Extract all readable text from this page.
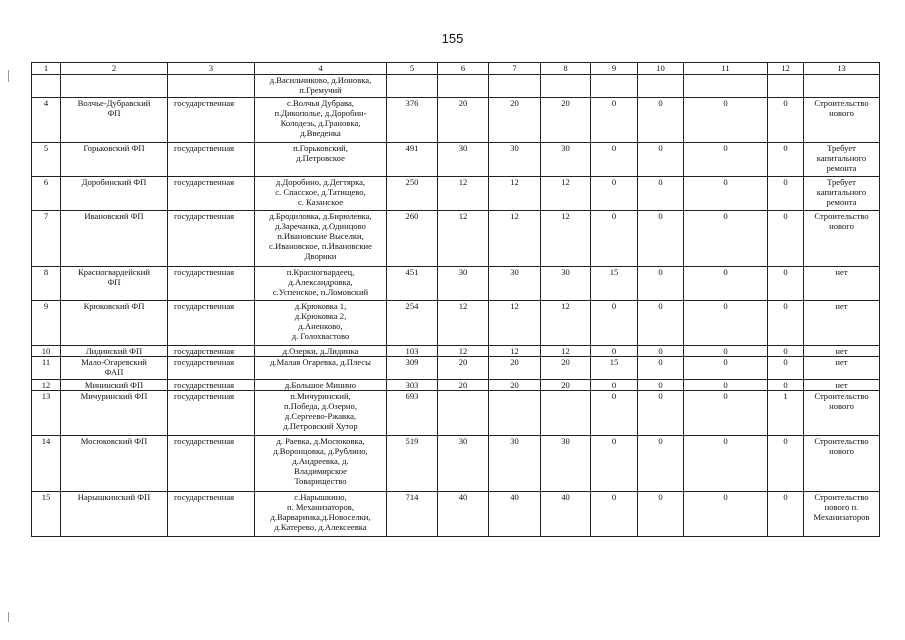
155
1	2	3	4	5	6	7	8	9	10	11	12	13
			д.Васильчиково, д.Ионовка,
п.Гремучий									
4	Волчье-Дубравский
ФП	государственная	с.Волчья Дубрава,
п.Дикополье, д.Доробин-
Колодезь, д.Грановка,
д.Введенка	376	20	20	20	0	0	0	0	Строительство
нового
5	Горьковский ФП	государственная	п.Горьковский,
д.Петровское	491	30	30	30	0	0	0	0	Требует
капитального
ремонта
6	Доробинский ФП	государственная	д.Доробино, д.Дегтярка,
с. Спасское, д.Татищево,
с. Казанское	250	12	12	12	0	0	0	0	Требует
капитального
ремонта
7	Ивановский ФП	государственная	д.Бродиловка, д.Бирюлевка,
д.Заречанка, д.Одинцово
п.Ивановские Выселки,
с.Ивановское, п.Ивановские
Дворики	260	12	12	12	0	0	0	0	Строительство
нового
8	Красногвардейский
ФП	государственная	п.Красногвардеец,
д.Александровка,
с.Успенское, п.Ломовский	451	30	30	30	15	0	0	0	нет
9	Крюковский ФП	государственная	д.Крюковка 1,
д.Крюковка 2,
д.Аненково,
д. Голохвастово	254	12	12	12	0	0	0	0	нет
10	Лидинский ФП	государственная	д.Озерки, д.Лидинка	103	12	12	12	0	0	0	0	нет
11	Мало-Огаревский
ФАП	государственная	д.Малая Огаревка, д.Плесы	309	20	20	20	15	0	0	0	нет
12	Мининский ФП	государственная	д.Большое Минино	303	20	20	20	0	0	0	0	нет
13	Мичуринский ФП	государственная	п.Мичуринский,
п.Победа, д.Озерно,
д.Сергеево-Ржавка,
д.Петровский Хутор	693				0	0	0	1	Строительство
нового
14	Мосюковский ФП	государственная	д. Раевка, д.Мосюковка,
д.Воронцовка, д.Рублино,
д.Андреевка, д.
Владимирское
Товарищество	519	30	30	30	0	0	0	0	Строительство
нового
15	Нарышкинский ФП	государственная	с.Нарышкино,
п. Механизаторов,
д.Варваринка,д.Новоселки,
д.Катерево, д.Алексеевка	714	40	40	40	0	0	0	0	Строительство
нового п.
Механизаторов
